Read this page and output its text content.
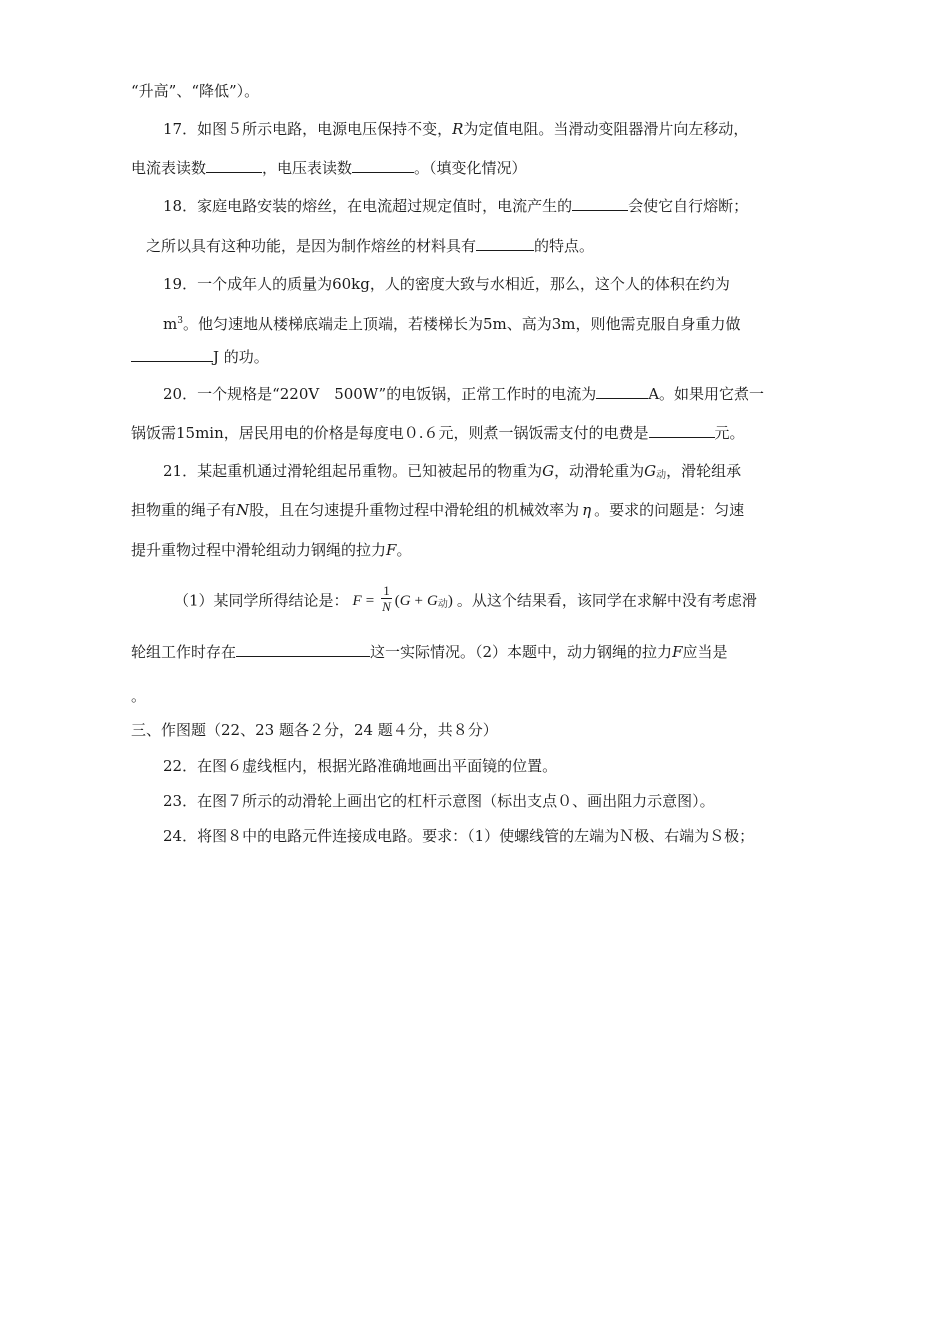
“升高”、“降低”）。
17．如图５所示电路，电源电压保持不变，R为定值电阻。当滑动变阻器滑片向左移动，
电流表读数	，电压表读数	。（填变化情况）
18．家庭电路安装的熔丝，在电流超过规定值时，电流产生的	会使它自行熔断；
之所以具有这种功能，是因为制作熔丝的材料具有	的特点。
19．一个成年人的质量为60kg，人的密度大致与水相近，那么，这个人的体积在约为
$m^3$。他匀速地从楼梯底端走上顶端，若楼梯长为5m、高为3m，则他需克服自身重力做
J 的功。
20．一个规格是“220V　500W”的电饭锅，正常工作时的电流为	A。如果用它煮一
锅饭需15min，居民用电的价格是每度电０.６元，则煮一锅饭需支付的电费是	元。
21．某起重机通过滑轮组起吊重物。已知被起吊的物重为G，动滑轮重为$G_动$，滑轮组承
担物重的绳子有N股，且在匀速提升重物过程中滑轮组的机械效率为 η 。要求的问题是：匀速
提升重物过程中滑轮组动力钢绳的拉力F。
（1）某同学所得结论是： $F = \frac{1}{N} (G + G_动)$ 。从这个结果看，该同学在求解中没有考虑滑
轮组工作时存在	这一实际情况。（2）本题中，动力钢绳的拉力F应当是
。
三、作图题（22、23 题各２分，24 题４分，共８分）
22．在图６虚线框内，根据光路准确地画出平面镜的位置。
23．在图７所示的动滑轮上画出它的杠杆示意图（标出支点０、画出阻力示意图）。
24．将图８中的电路元件连接成电路。要求：（1）使螺线管的左端为Ｎ极、右端为Ｓ极；
